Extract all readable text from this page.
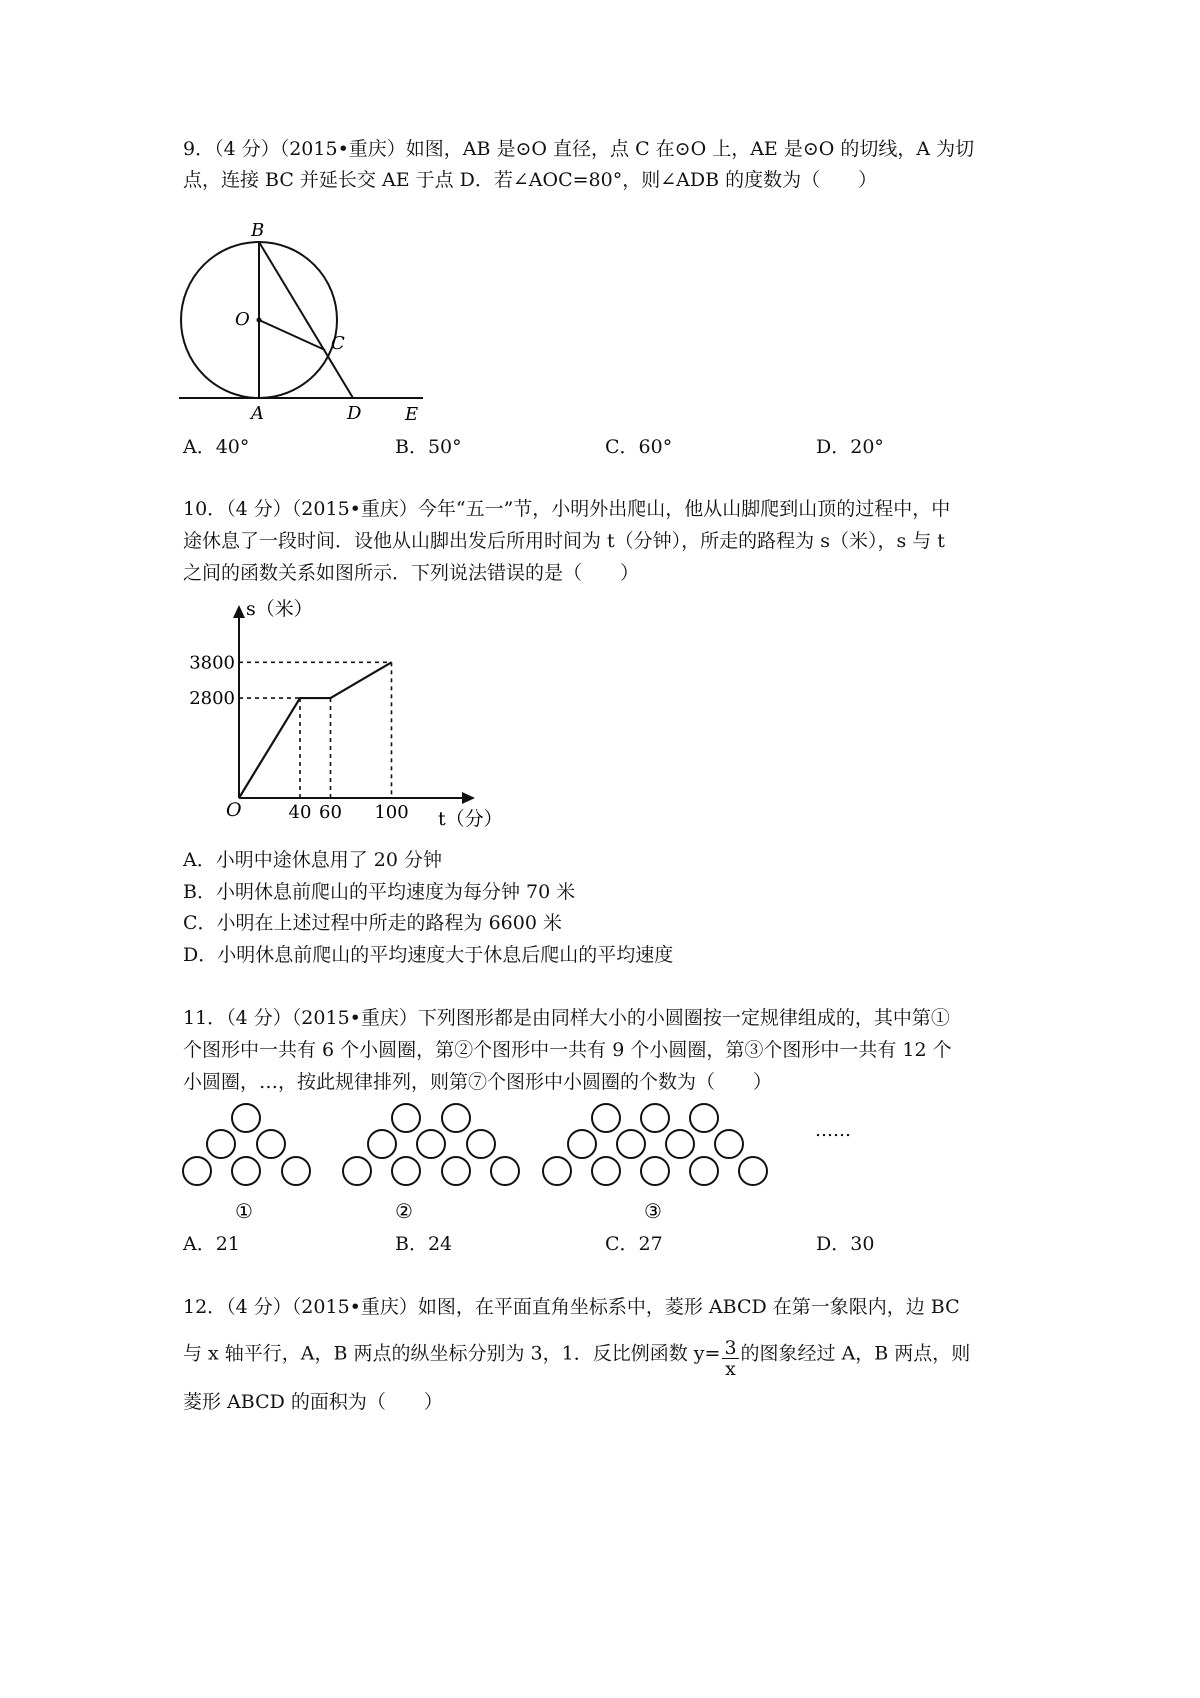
9．（4 分）（2015•重庆）如图，AB 是⊙O 直径，点 C 在⊙O 上，AE 是⊙O 的切线，A 为切
点，连接 BC 并延长交 AE 于点 D．若∠AOC=80°，则∠ADB 的度数为（　　）
B
O
C
A	D E
A．40°	B．50°	C．60°	D．20°
10．（4 分）（2015•重庆）今年“五一”节，小明外出爬山，他从山脚爬到山顶的过程中，中
途休息了一段时间．设他从山脚出发后所用时间为 t（分钟），所走的路程为 s（米），s 与 t
之间的函数关系如图所示．下列说法错误的是（　　）
40 60 100
2800
3800
O
s（米）
t（分）
A．小明中途休息用了 20 分钟
B．小明休息前爬山的平均速度为每分钟 70 米
C．小明在上述过程中所走的路程为 6600 米
D．小明休息前爬山的平均速度大于休息后爬山的平均速度
11．（4 分）（2015•重庆）下列图形都是由同样大小的小圆圈按一定规律组成的，其中第①
个图形中一共有 6 个小圆圈，第②个图形中一共有 9 个小圆圈，第③个图形中一共有 12 个
小圆圈，…，按此规律排列，则第⑦个图形中小圆圈的个数为（　　）
……
①	②	③
A．21	B．24	C．27	D．30
12．（4 分）（2015•重庆）如图，在平面直角坐标系中，菱形 ABCD 在第一象限内，边 BC
与 x 轴平行，A，B 两点的纵坐标分别为 3，1．反比例函数 $y= \frac{3}{x}$ 的图象经过 A，B 两点，则
菱形 ABCD 的面积为（　　）
